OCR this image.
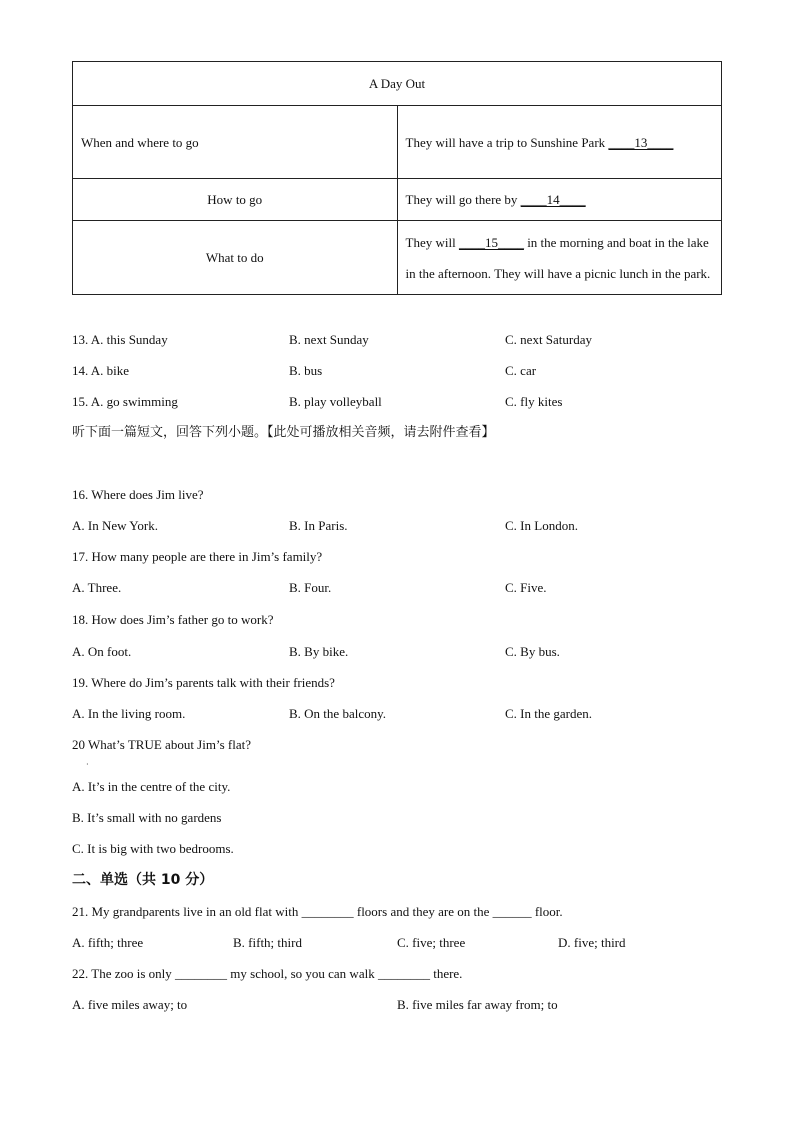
A Day Out	
When and where to go	They will have a trip to Sunshine Park ____13____
How to go	They will go there by ____14____
What to do	They will ____15____ in the morning and boat in the lake in the afternoon. They will have a picnic lunch in the park.
13. A. this Sunday	B. next Sunday	C. next Saturday
14. A. bike	B. bus	C. car
15. A. go swimming	B. play volleyball	C. fly kites
听下面一篇短文，回答下列小题。【此处可播放相关音频，请去附件查看】
16. Where does Jim live?
A. In New York.	B. In Paris.	C. In London.
17. How many people are there in Jim’s family?
A. Three.	B. Four.	C. Five.
18. How does Jim’s father go to work?
A. On foot.	B. By bike.	C. By bus.
19. Where do Jim’s parents talk with their friends?
A. In the living room.	B. On the balcony.	C. In the garden.
20 What’s TRUE about Jim’s flat?
·
A. It’s in the centre of the city.
B. It’s small with no gardens
C. It is big with two bedrooms.
二、单选（共 10 分）
21. My grandparents live in an old flat with ________ floors and they are on the ______ floor.
A. fifth; three	B. fifth; third	C. five; three	D. five; third
22. The zoo is only ________ my school, so you can walk ________ there.
A. five miles away; to	B. five miles far away from; to
